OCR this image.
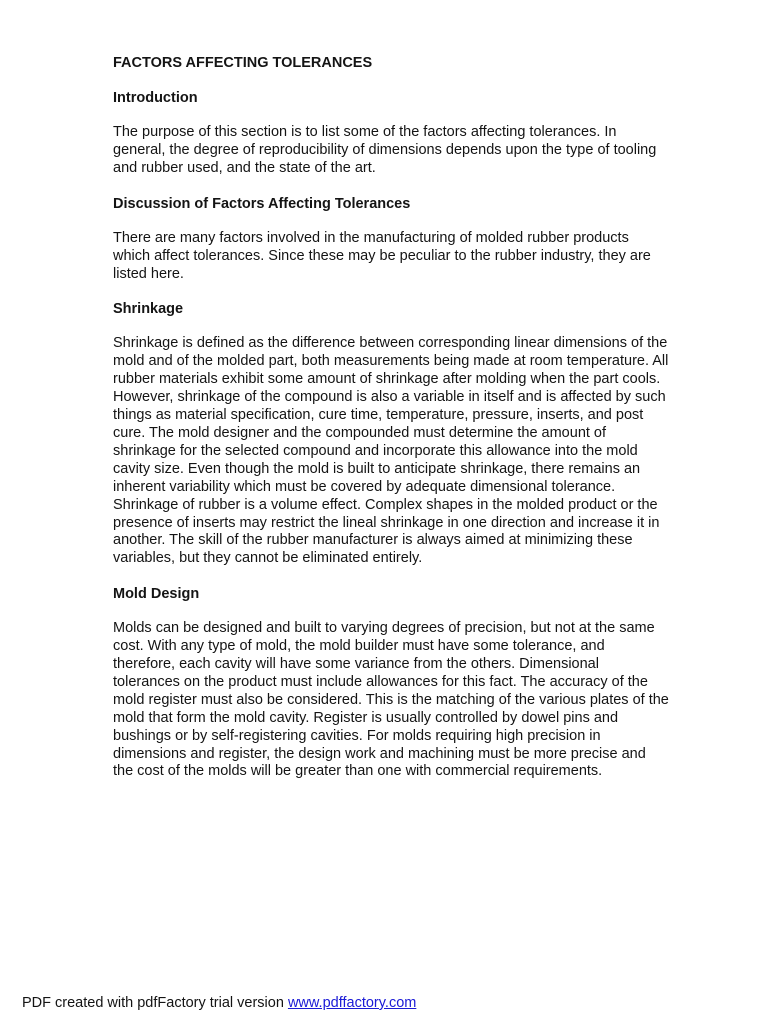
FACTORS AFFECTING TOLERANCES
Introduction
The purpose of this section is to list some of the factors affecting tolerances. In
general, the degree of reproducibility of dimensions depends upon the type of tooling
and rubber used, and the state of the art.
Discussion of Factors Affecting Tolerances
There are many factors involved in the manufacturing of molded rubber products
which affect tolerances. Since these may be peculiar to the rubber industry, they are
listed here.
Shrinkage
Shrinkage is defined as the difference between corresponding linear dimensions of the
mold and of the molded part, both measurements being made at room temperature. All
rubber materials exhibit some amount of shrinkage after molding when the part cools.
However, shrinkage of the compound is also a variable in itself and is affected by such
things as material specification, cure time, temperature, pressure, inserts, and post
cure. The mold designer and the compounded must determine the amount of
shrinkage for the selected compound and incorporate this allowance into the mold
cavity size. Even though the mold is built to anticipate shrinkage, there remains an
inherent variability which must be covered by adequate dimensional tolerance.
Shrinkage of rubber is a volume effect. Complex shapes in the molded product or the
presence of inserts may restrict the lineal shrinkage in one direction and increase it in
another. The skill of the rubber manufacturer is always aimed at minimizing these
variables, but they cannot be eliminated entirely.
Mold Design
Molds can be designed and built to varying degrees of precision, but not at the same
cost. With any type of mold, the mold builder must have some tolerance, and
therefore, each cavity will have some variance from the others. Dimensional
tolerances on the product must include allowances for this fact. The accuracy of the
mold register must also be considered. This is the matching of the various plates of the
mold that form the mold cavity. Register is usually controlled by dowel pins and
bushings or by self-registering cavities. For molds requiring high precision in
dimensions and register, the design work and machining must be more precise and
the cost of the molds will be greater than one with commercial requirements.
PDF created with pdfFactory trial version www.pdffactory.com
